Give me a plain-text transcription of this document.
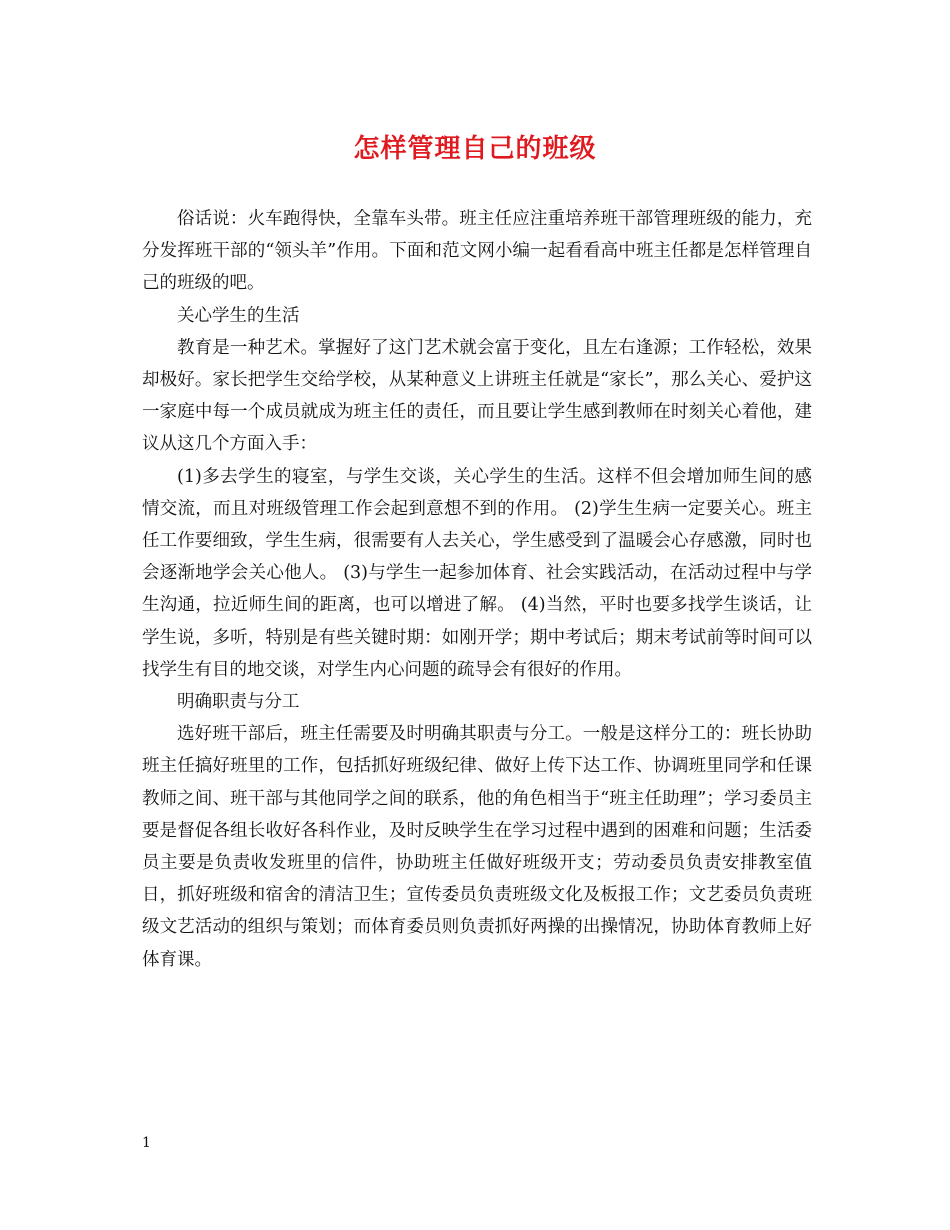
怎样管理自己的班级

俗话说：火车跑得快，全靠车头带。班主任应注重培养班干部管理班级的能力，充分发挥班干部的“领头羊”作用。下面和范文网小编一起看看高中班主任都是怎样管理自己的班级的吧。

关心学生的生活

教育是一种艺术。掌握好了这门艺术就会富于变化，且左右逢源；工作轻松，效果却极好。家长把学生交给学校，从某种意义上讲班主任就是“家长”，那么关心、爱护这一家庭中每一个成员就成为班主任的责任，而且要让学生感到教师在时刻关心着他，建议从这几个方面入手：

(1)多去学生的寝室，与学生交谈，关心学生的生活。这样不但会增加师生间的感情交流，而且对班级管理工作会起到意想不到的作用。 (2)学生生病一定要关心。班主任工作要细致，学生生病，很需要有人去关心，学生感受到了温暖会心存感激，同时也会逐渐地学会关心他人。 (3)与学生一起参加体育、社会实践活动，在活动过程中与学生沟通，拉近师生间的距离，也可以增进了解。 (4)当然，平时也要多找学生谈话，让学生说，多听，特别是有些关键时期：如刚开学；期中考试后；期末考试前等时间可以找学生有目的地交谈，对学生内心问题的疏导会有很好的作用。

明确职责与分工

选好班干部后，班主任需要及时明确其职责与分工。一般是这样分工的：班长协助班主任搞好班里的工作，包括抓好班级纪律、做好上传下达工作、协调班里同学和任课教师之间、班干部与其他同学之间的联系，他的角色相当于“班主任助理”；学习委员主要是督促各组长收好各科作业，及时反映学生在学习过程中遇到的困难和问题；生活委员主要是负责收发班里的信件，协助班主任做好班级开支；劳动委员负责安排教室值日，抓好班级和宿舍的清洁卫生；宣传委员负责班级文化及板报工作；文艺委员负责班级文艺活动的组织与策划；而体育委员则负责抓好两操的出操情况，协助体育教师上好体育课。

1
